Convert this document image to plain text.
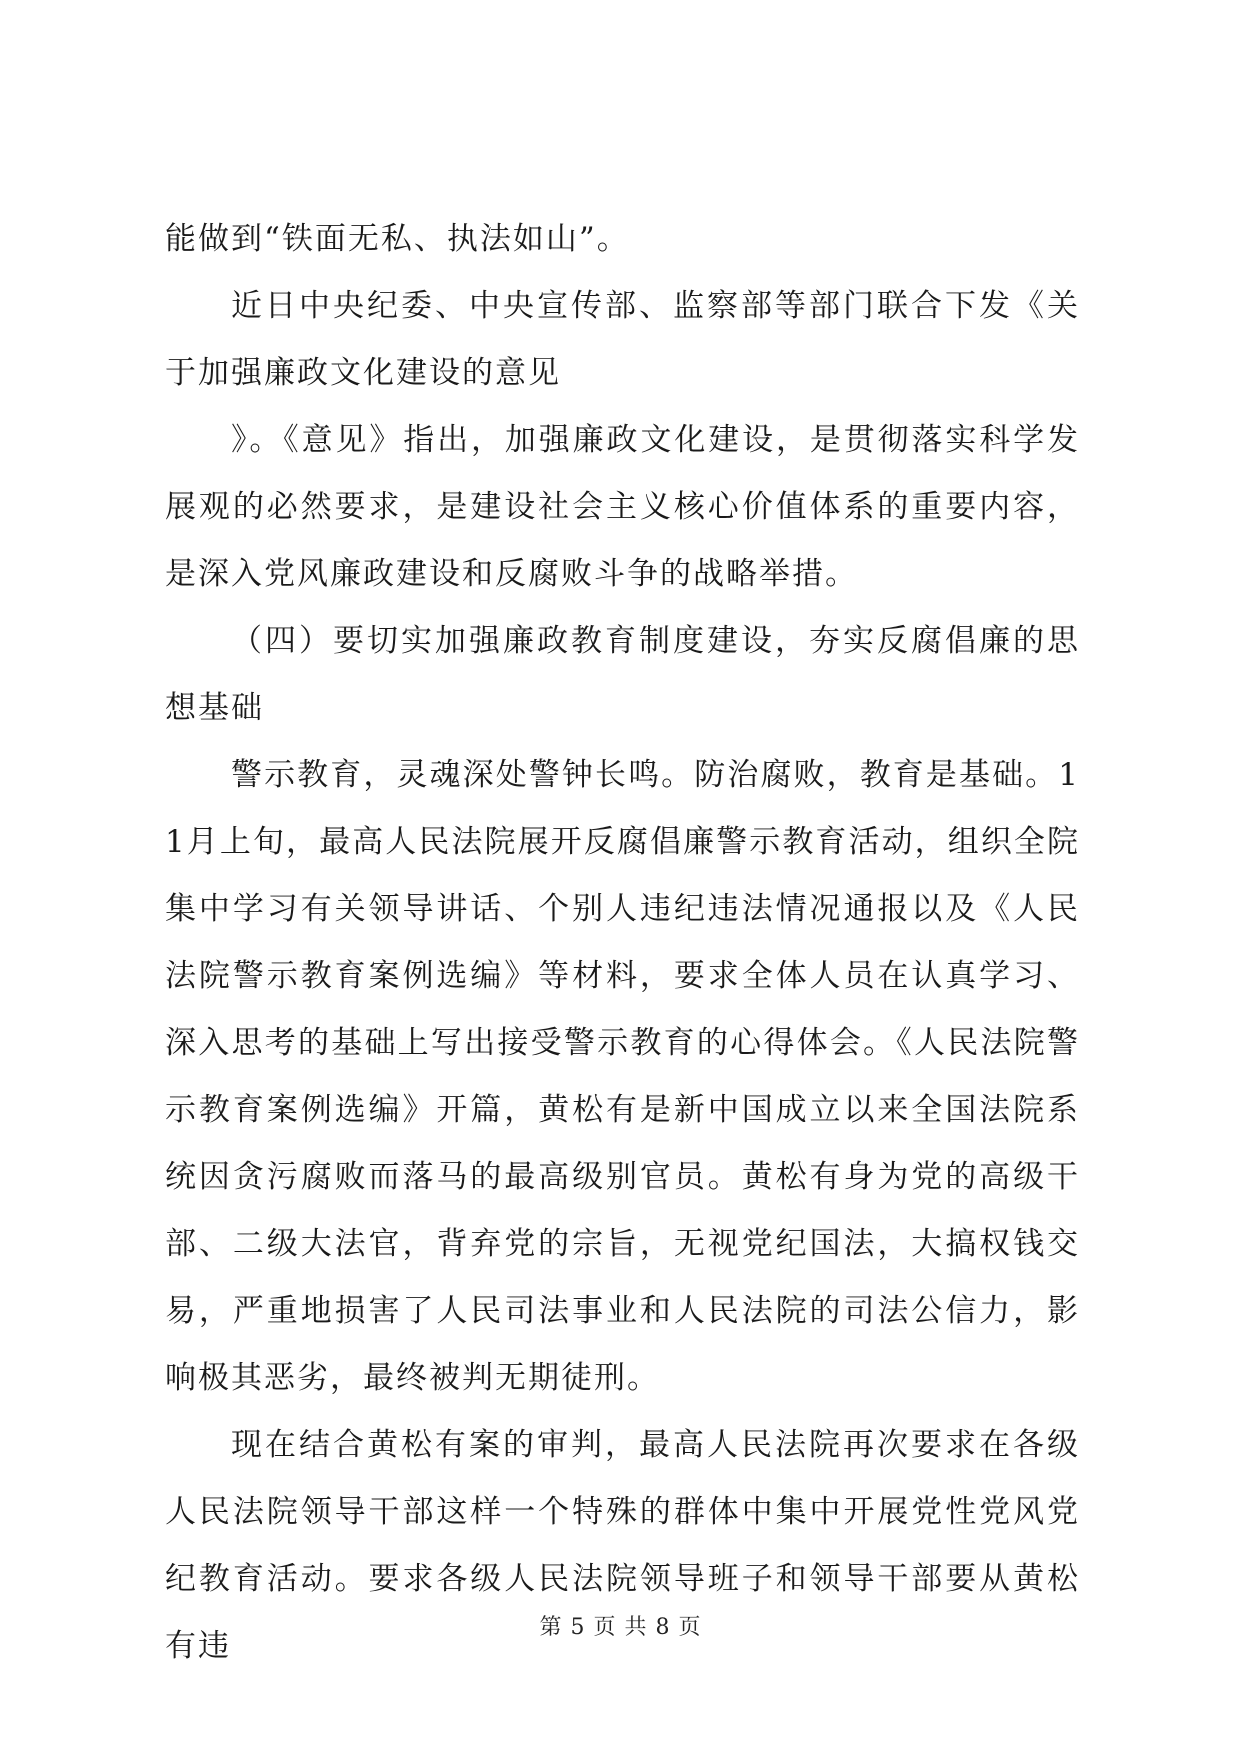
能做到“铁面无私、执法如山”。

近日中央纪委、中央宣传部、监察部等部门联合下发《关于加强廉政文化建设的意见

》。《意见》指出，加强廉政文化建设，是贯彻落实科学发展观的必然要求，是建设社会主义核心价值体系的重要内容，是深入党风廉政建设和反腐败斗争的战略举措。

（四）要切实加强廉政教育制度建设，夯实反腐倡廉的思想基础

警示教育，灵魂深处警钟长鸣。防治腐败，教育是基础。11月上旬，最高人民法院展开反腐倡廉警示教育活动，组织全院集中学习有关领导讲话、个别人违纪违法情况通报以及《人民法院警示教育案例选编》等材料，要求全体人员在认真学习、深入思考的基础上写出接受警示教育的心得体会。《人民法院警示教育案例选编》开篇，黄松有是新中国成立以来全国法院系统因贪污腐败而落马的最高级别官员。黄松有身为党的高级干部、二级大法官，背弃党的宗旨，无视党纪国法，大搞权钱交易，严重地损害了人民司法事业和人民法院的司法公信力，影响极其恶劣，最终被判无期徒刑。

现在结合黄松有案的审判，最高人民法院再次要求在各级人民法院领导干部这样一个特殊的群体中集中开展党性党风党纪教育活动。要求各级人民法院领导班子和领导干部要从黄松有违

第 5 页 共 8 页
